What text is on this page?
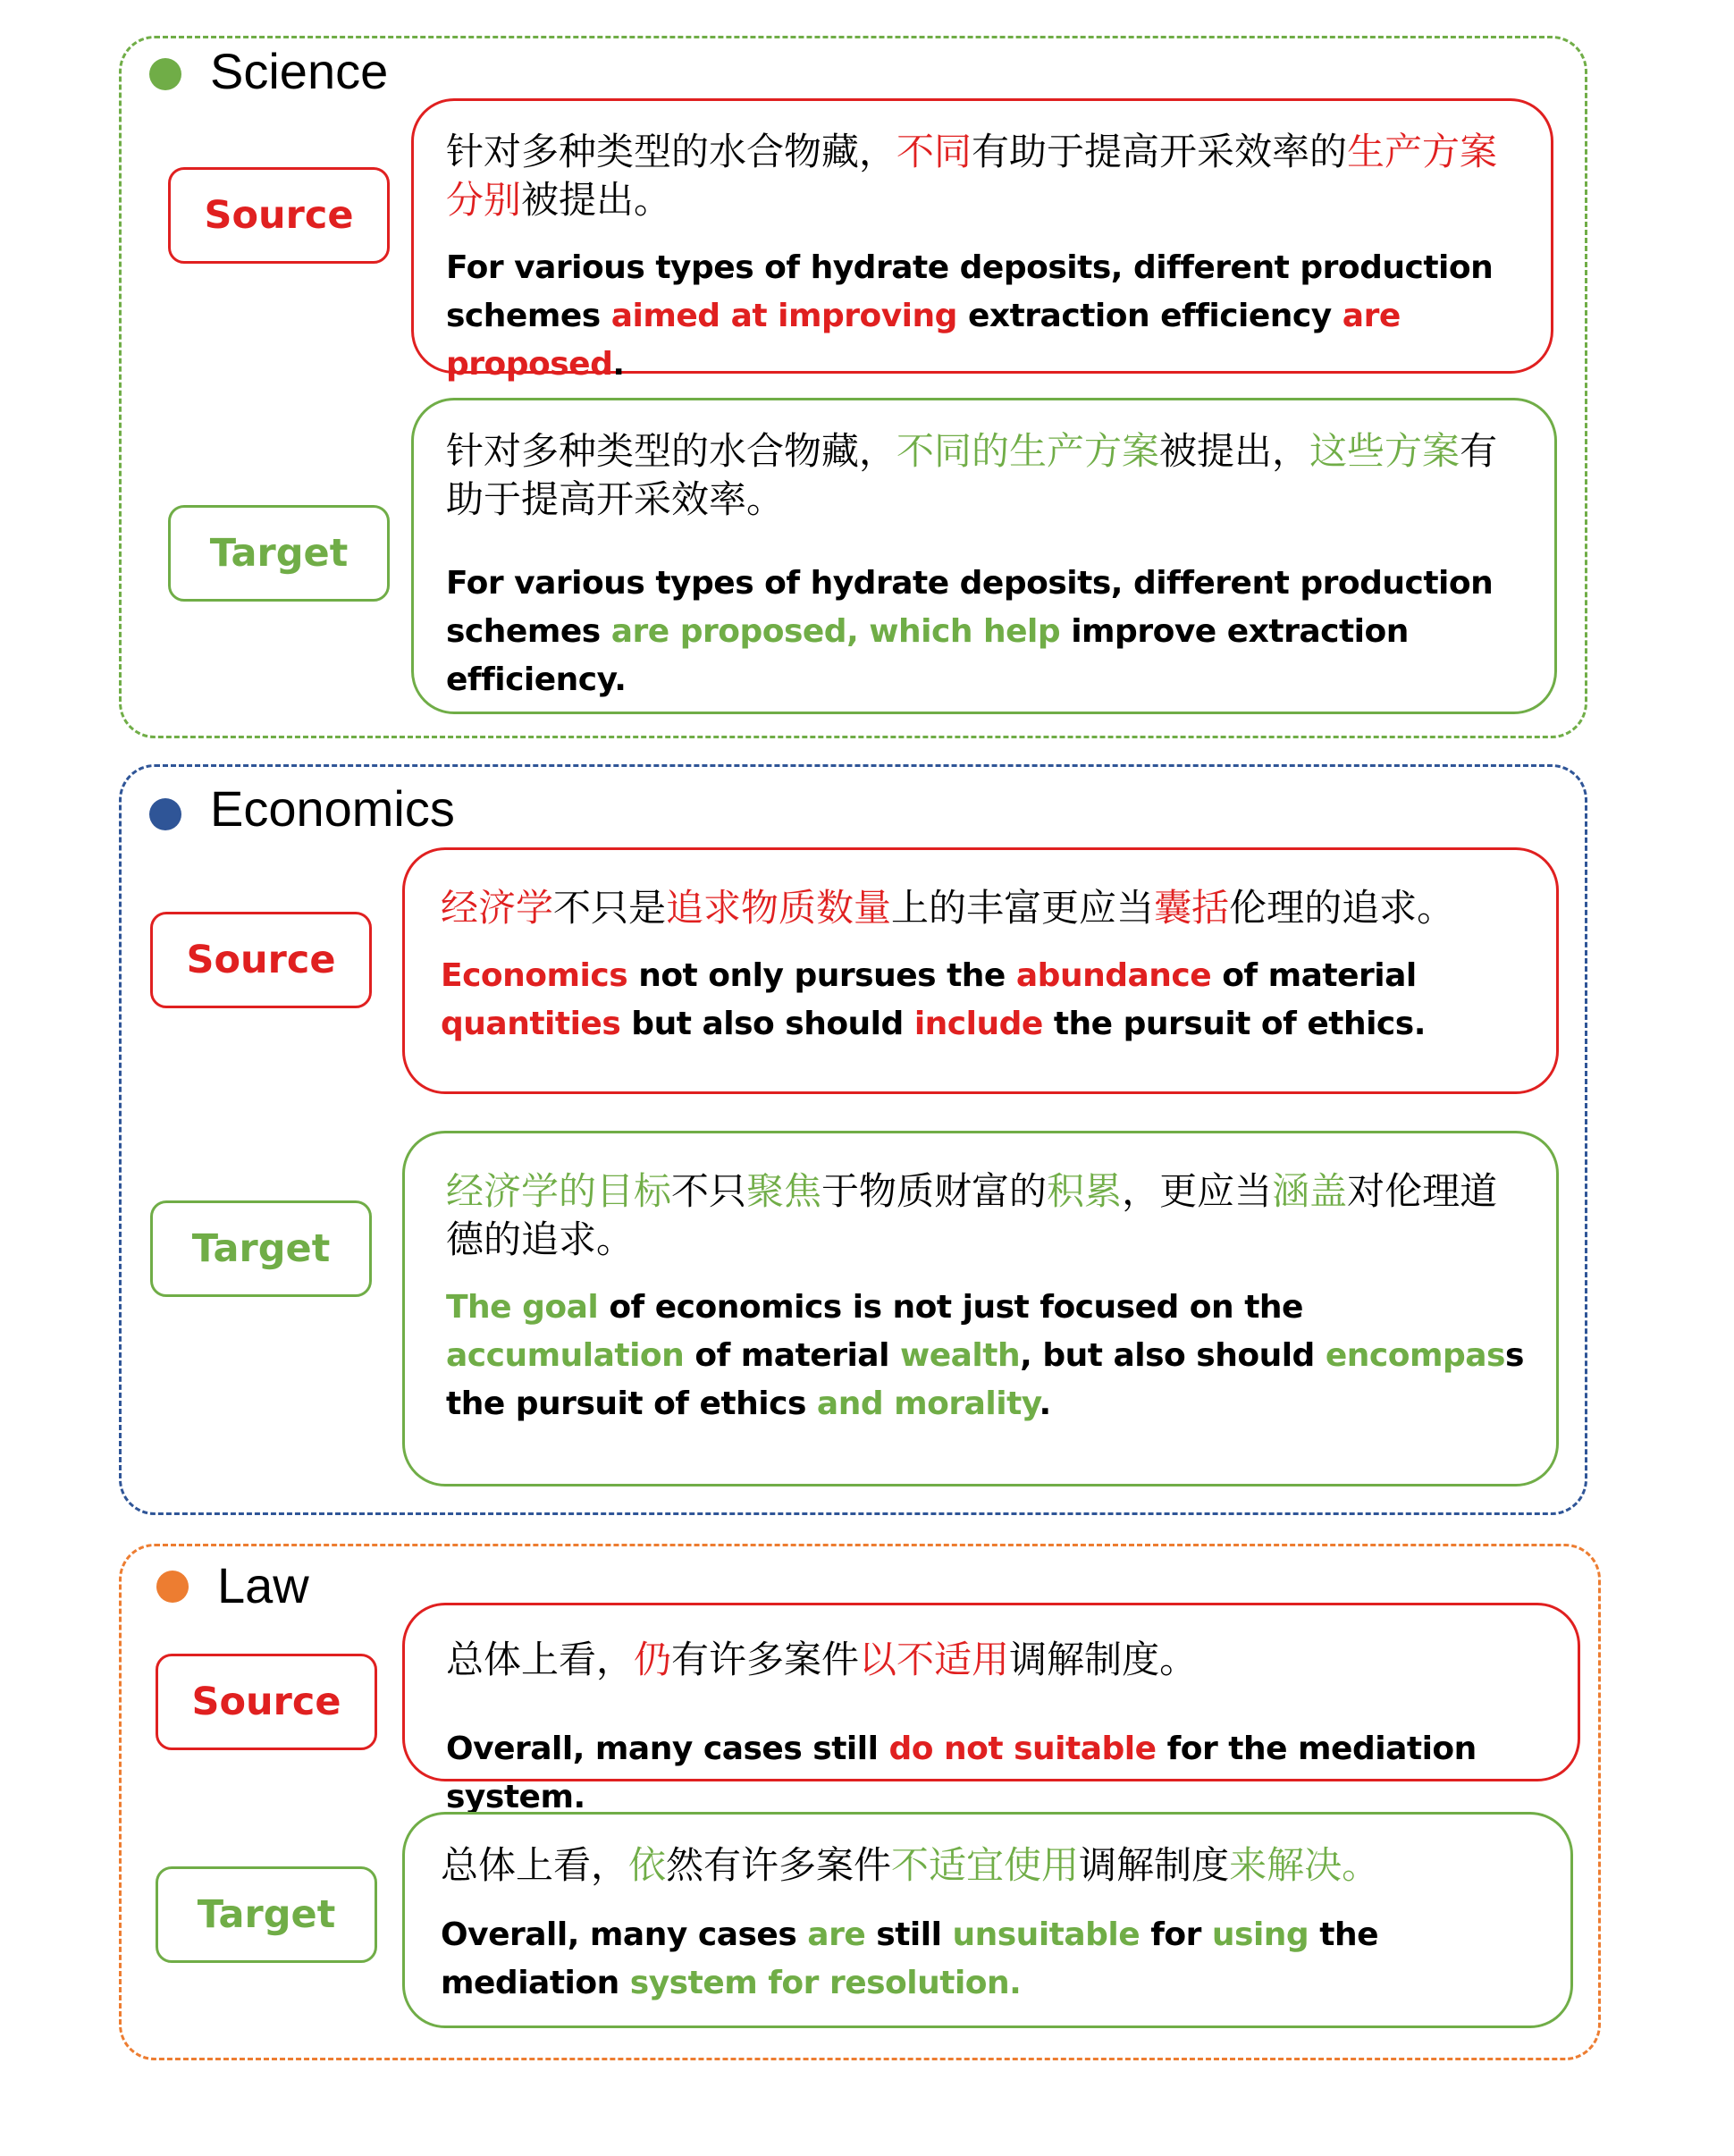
Science
Source
针对多种类型的水合物藏，不同有助于提高开采效率的生产方案分别被提出。
For various types of hydrate deposits, different production schemes aimed at improving extraction efficiency are proposed.
Target
针对多种类型的水合物藏，不同的生产方案被提出，这些方案有助于提高开采效率。
For various types of hydrate deposits, different production schemes are proposed, which help improve extraction efficiency.
Economics
Source
经济学不只是追求物质数量上的丰富更应当囊括伦理的追求。
Economics not only pursues the abundance of material quantities but also should include the pursuit of ethics.
Target
经济学的目标不只聚焦于物质财富的积累，更应当涵盖对伦理道德的追求。
The goal of economics is not just focused on the accumulation of material wealth, but also should encompass the pursuit of ethics and morality.
Law
Source
总体上看，仍有许多案件以不适用调解制度。
Overall, many cases still do not suitable for the mediation system.
Target
总体上看，依然有许多案件不适宜使用调解制度来解决。
Overall, many cases are still unsuitable for using the mediation system for resolution.
